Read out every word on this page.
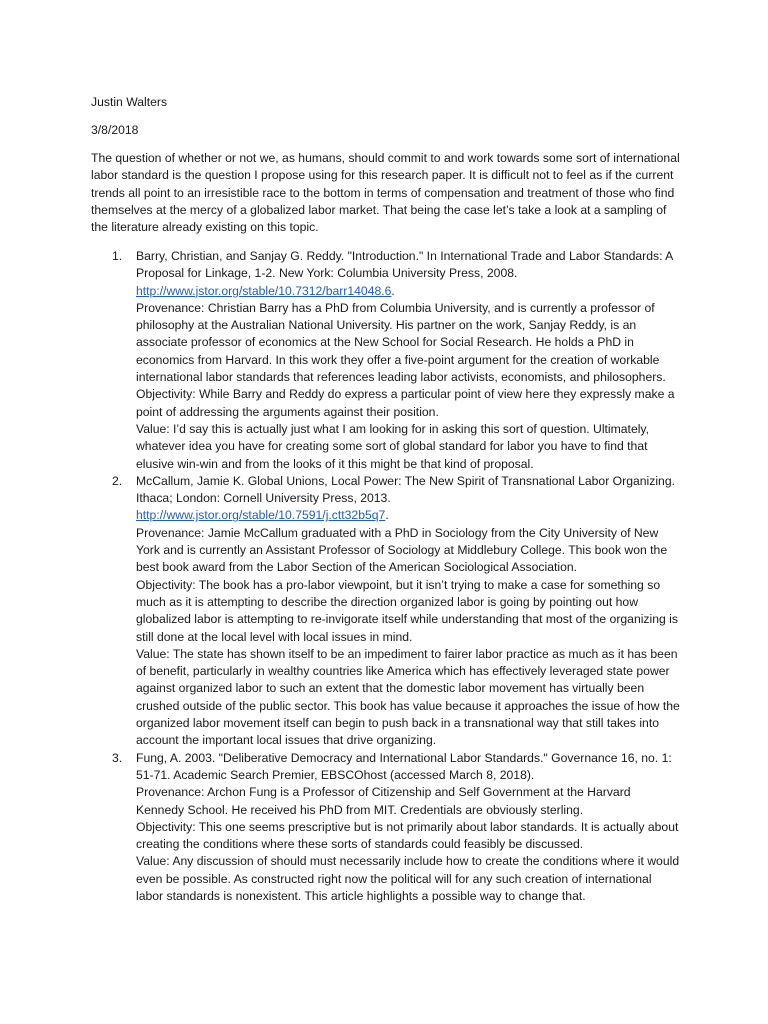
Justin Walters

3/8/2018

The question of whether or not we, as humans, should commit to and work towards some sort of international labor standard is the question I propose using for this research paper. It is difficult not to feel as if the current trends all point to an irresistible race to the bottom in terms of compensation and treatment of those who find themselves at the mercy of a globalized labor market. That being the case let’s take a look at a sampling of the literature already existing on this topic.

1. Barry, Christian, and Sanjay G. Reddy. "Introduction." In International Trade and Labor Standards: A Proposal for Linkage, 1-2. New York: Columbia University Press, 2008.
http://www.jstor.org/stable/10.7312/barr14048.6.
Provenance: Christian Barry has a PhD from Columbia University, and is currently a professor of philosophy at the Australian National University. His partner on the work, Sanjay Reddy, is an associate professor of economics at the New School for Social Research. He holds a PhD in economics from Harvard. In this work they offer a five-point argument for the creation of workable international labor standards that references leading labor activists, economists, and philosophers.
Objectivity: While Barry and Reddy do express a particular point of view here they expressly make a point of addressing the arguments against their position.
Value: I’d say this is actually just what I am looking for in asking this sort of question. Ultimately, whatever idea you have for creating some sort of global standard for labor you have to find that elusive win-win and from the looks of it this might be that kind of proposal.
2. McCallum, Jamie K. Global Unions, Local Power: The New Spirit of Transnational Labor Organizing. Ithaca; London: Cornell University Press, 2013.
http://www.jstor.org/stable/10.7591/j.ctt32b5q7.
Provenance: Jamie McCallum graduated with a PhD in Sociology from the City University of New York and is currently an Assistant Professor of Sociology at Middlebury College. This book won the best book award from the Labor Section of the American Sociological Association.
Objectivity: The book has a pro-labor viewpoint, but it isn’t trying to make a case for something so much as it is attempting to describe the direction organized labor is going by pointing out how globalized labor is attempting to re-invigorate itself while understanding that most of the organizing is still done at the local level with local issues in mind.
Value: The state has shown itself to be an impediment to fairer labor practice as much as it has been of benefit, particularly in wealthy countries like America which has effectively leveraged state power against organized labor to such an extent that the domestic labor movement has virtually been crushed outside of the public sector. This book has value because it approaches the issue of how the organized labor movement itself can begin to push back in a transnational way that still takes into account the important local issues that drive organizing.
3. Fung, A. 2003. "Deliberative Democracy and International Labor Standards." Governance 16, no. 1: 51-71. Academic Search Premier, EBSCOhost (accessed March 8, 2018).
Provenance: Archon Fung is a Professor of Citizenship and Self Government at the Harvard Kennedy School. He received his PhD from MIT. Credentials are obviously sterling.
Objectivity: This one seems prescriptive but is not primarily about labor standards. It is actually about creating the conditions where these sorts of standards could feasibly be discussed.
Value: Any discussion of should must necessarily include how to create the conditions where it would even be possible. As constructed right now the political will for any such creation of international labor standards is nonexistent. This article highlights a possible way to change that.
